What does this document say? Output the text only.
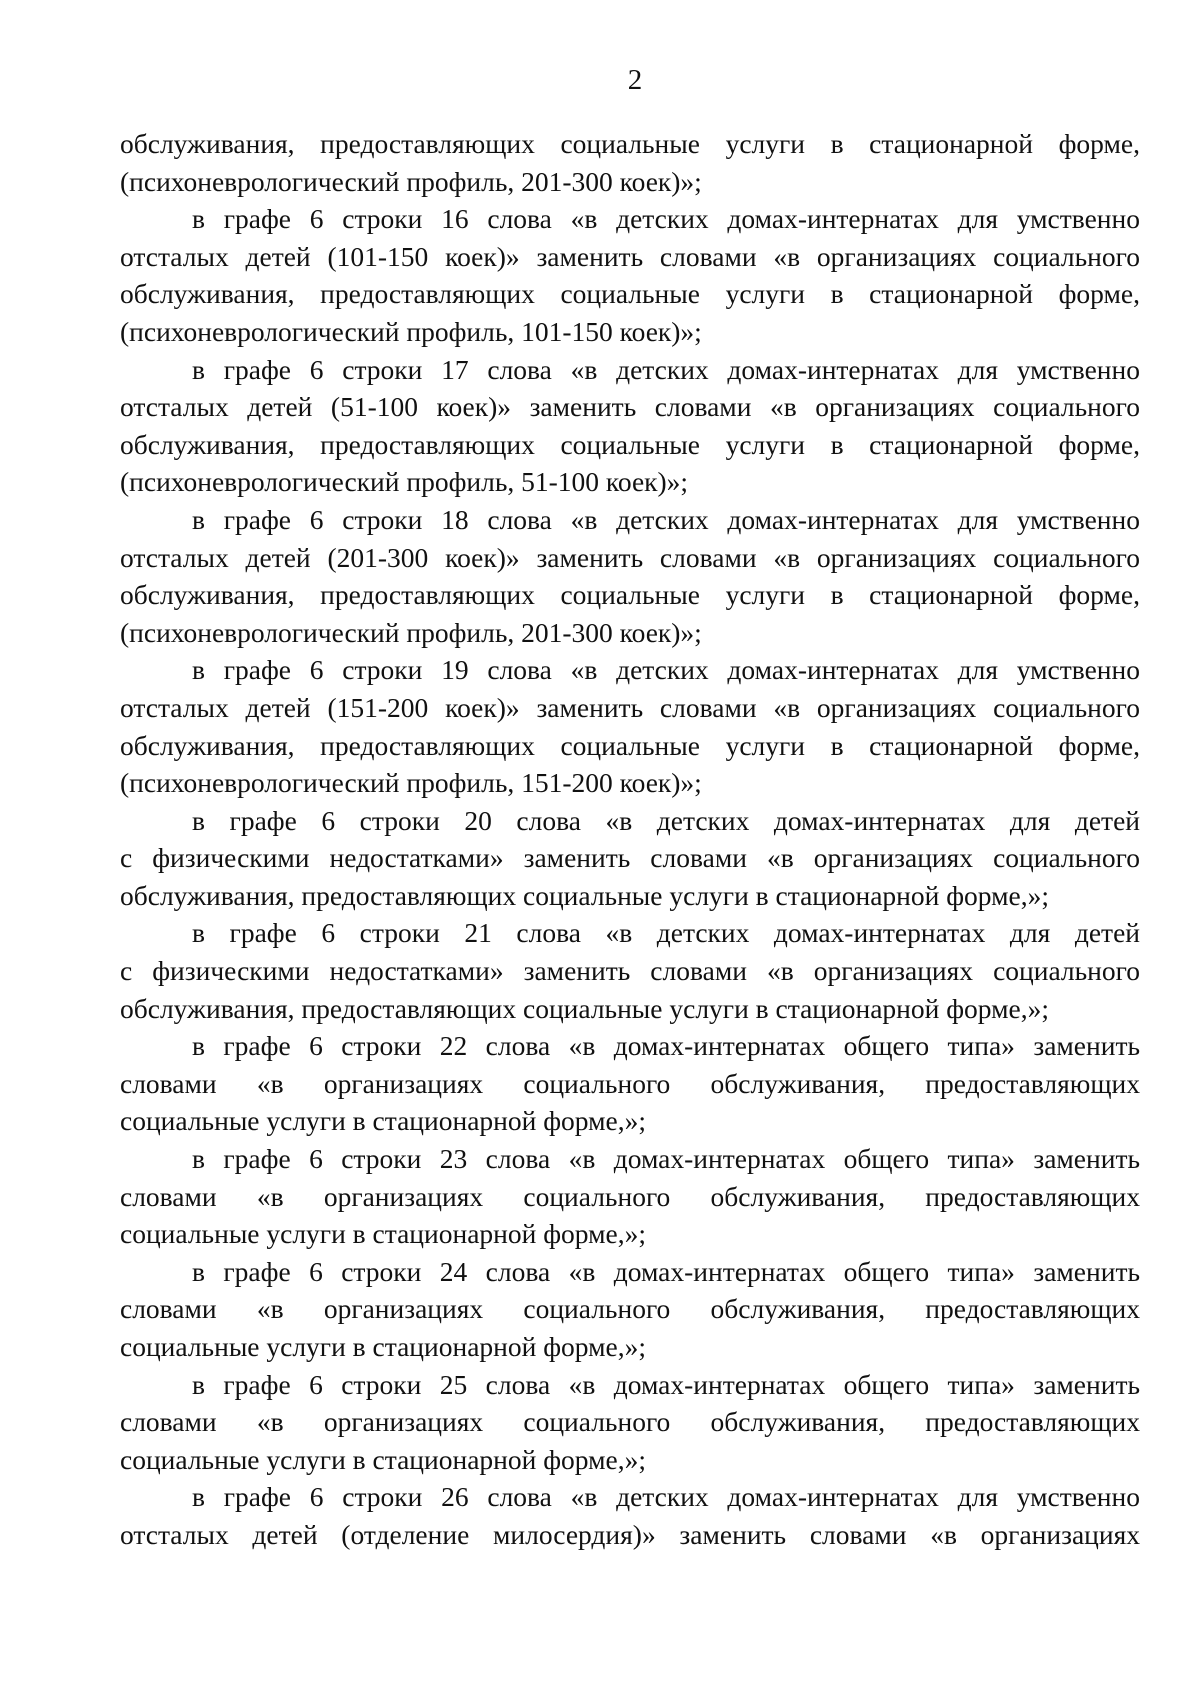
2
обслуживания, предоставляющих социальные услуги в стационарной форме,
(психоневрологический профиль, 201-300 коек)»;
в графе 6 строки 16 слова «в детских домах-интернатах для умственно
отсталых детей (101-150 коек)» заменить словами «в организациях социального
обслуживания, предоставляющих социальные услуги в стационарной форме,
(психоневрологический профиль, 101-150 коек)»;
в графе 6 строки 17 слова «в детских домах-интернатах для умственно
отсталых детей (51-100 коек)» заменить словами «в организациях социального
обслуживания, предоставляющих социальные услуги в стационарной форме,
(психоневрологический профиль, 51-100 коек)»;
в графе 6 строки 18 слова «в детских домах-интернатах для умственно
отсталых детей (201-300 коек)» заменить словами «в организациях социального
обслуживания, предоставляющих социальные услуги в стационарной форме,
(психоневрологический профиль, 201-300 коек)»;
в графе 6 строки 19 слова «в детских домах-интернатах для умственно
отсталых детей (151-200 коек)» заменить словами «в организациях социального
обслуживания, предоставляющих социальные услуги в стационарной форме,
(психоневрологический профиль, 151-200 коек)»;
в графе 6 строки 20 слова «в детских домах-интернатах для детей
с физическими недостатками» заменить словами «в организациях социального
обслуживания, предоставляющих социальные услуги в стационарной форме,»;
в графе 6 строки 21 слова «в детских домах-интернатах для детей
с физическими недостатками» заменить словами «в организациях социального
обслуживания, предоставляющих социальные услуги в стационарной форме,»;
в графе 6 строки 22 слова «в домах-интернатах общего типа» заменить
словами «в организациях социального обслуживания, предоставляющих
социальные услуги в стационарной форме,»;
в графе 6 строки 23 слова «в домах-интернатах общего типа» заменить
словами «в организациях социального обслуживания, предоставляющих
социальные услуги в стационарной форме,»;
в графе 6 строки 24 слова «в домах-интернатах общего типа» заменить
словами «в организациях социального обслуживания, предоставляющих
социальные услуги в стационарной форме,»;
в графе 6 строки 25 слова «в домах-интернатах общего типа» заменить
словами «в организациях социального обслуживания, предоставляющих
социальные услуги в стационарной форме,»;
в графе 6 строки 26 слова «в детских домах-интернатах для умственно
отсталых детей (отделение милосердия)» заменить словами «в организациях
